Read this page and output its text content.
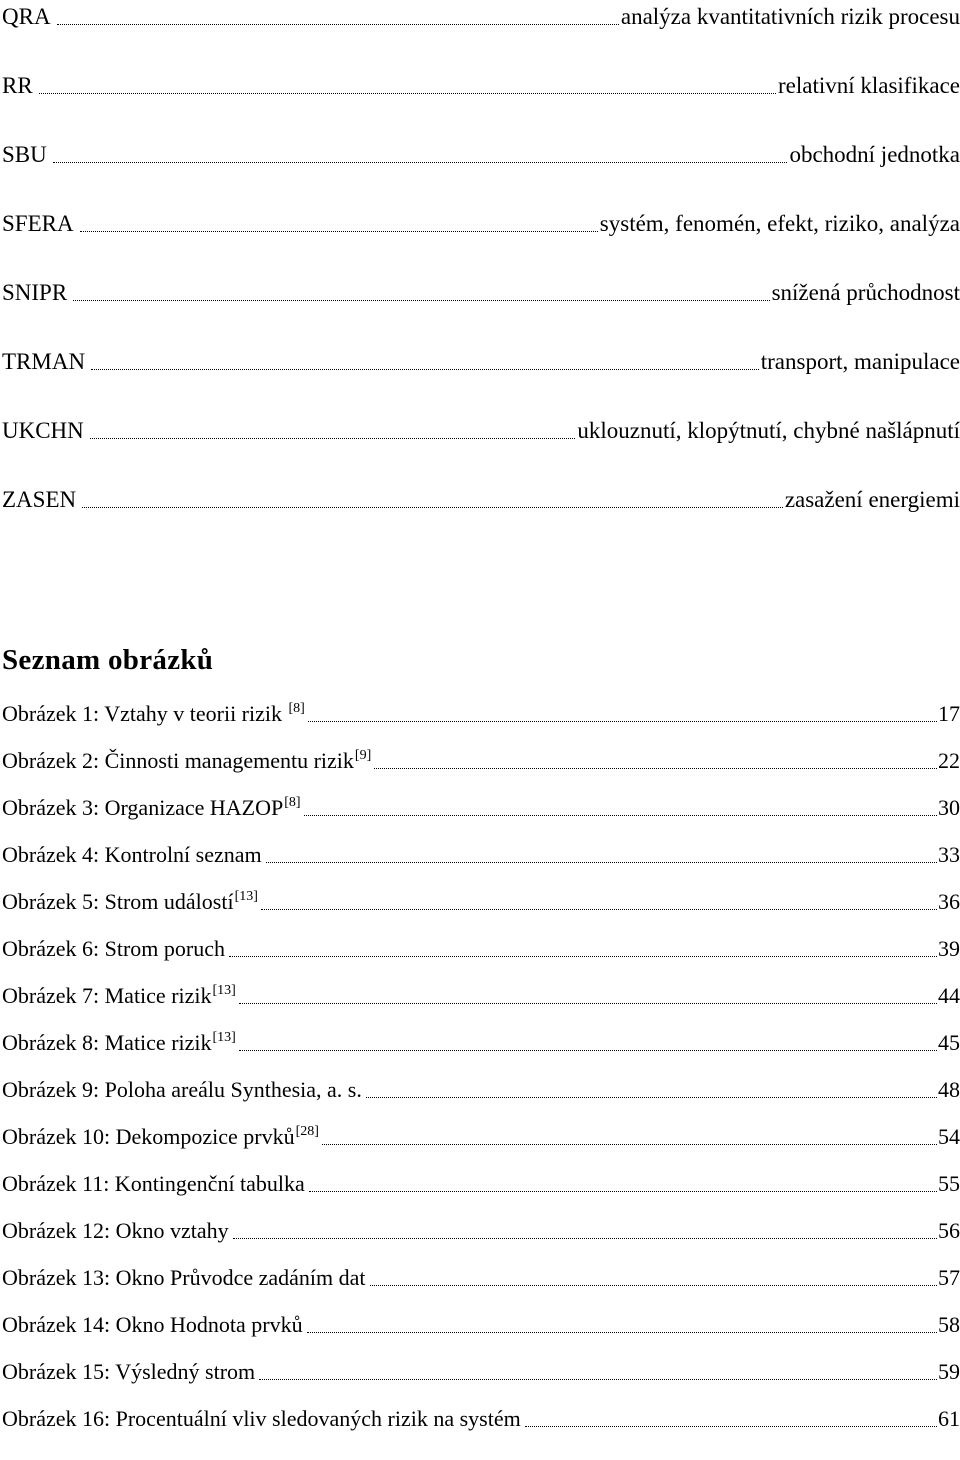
QRA	analýza kvantitativních rizik procesu
RR	relativní klasifikace
SBU	obchodní jednotka
SFERA	systém, fenomén, efekt, riziko, analýza
SNIPR	snížená průchodnost
TRMAN	transport, manipulace
UKCHN	uklouznutí, klopýtnutí, chybné našlápnutí
ZASEN	zasažení energiemi
Seznam obrázků
Obrázek 1: Vztahy v teorii rizik [8]	17
Obrázek 2: Činnosti managementu rizik[9]	22
Obrázek 3: Organizace HAZOP[8]	30
Obrázek 4: Kontrolní seznam	33
Obrázek 5: Strom událostí[13]	36
Obrázek 6: Strom poruch	39
Obrázek 7: Matice rizik[13]	44
Obrázek 8: Matice rizik[13]	45
Obrázek 9: Poloha areálu Synthesia, a. s.	48
Obrázek 10: Dekompozice prvků[28]	54
Obrázek 11: Kontingenční tabulka	55
Obrázek 12: Okno vztahy	56
Obrázek 13: Okno Průvodce zadáním dat	57
Obrázek 14: Okno Hodnota prvků	58
Obrázek 15: Výsledný strom	59
Obrázek 16: Procentuální vliv sledovaných rizik na systém	61
